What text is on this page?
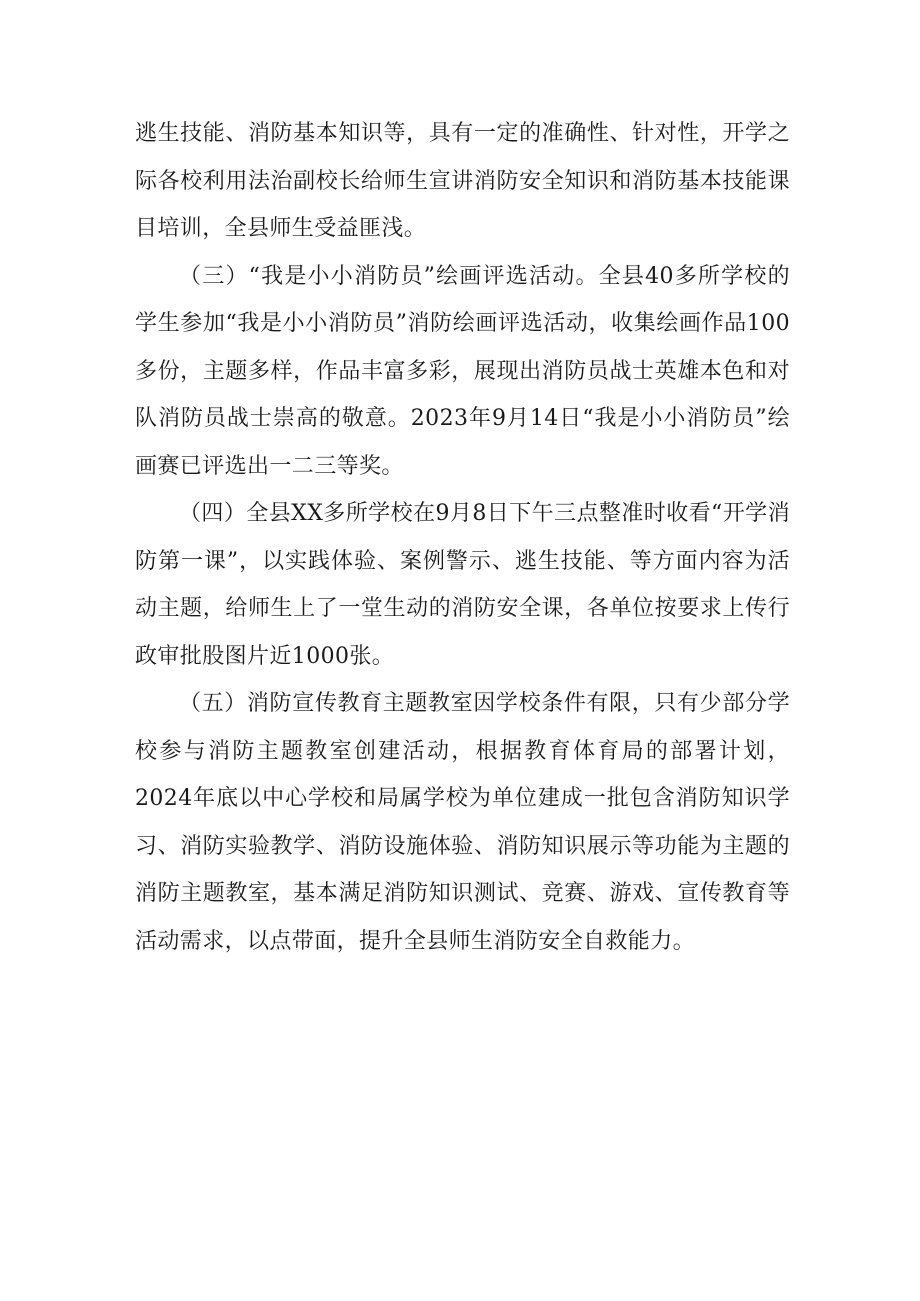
逃生技能、消防基本知识等，具有一定的准确性、针对性，开学之际各校利用法治副校长给师生宣讲消防安全知识和消防基本技能课目培训，全县师生受益匪浅。

（三）“我是小小消防员”绘画评选活动。全县40多所学校的学生参加“我是小小消防员”消防绘画评选活动，收集绘画作品100多份，主题多样，作品丰富多彩，展现出消防员战士英雄本色和对队消防员战士崇高的敬意。2023年9月14日“我是小小消防员”绘画赛已评选出一二三等奖。

（四）全县XX多所学校在9月8日下午三点整准时收看“开学消防第一课”，以实践体验、案例警示、逃生技能、等方面内容为活动主题，给师生上了一堂生动的消防安全课，各单位按要求上传行政审批股图片近1000张。

（五）消防宣传教育主题教室因学校条件有限，只有少部分学校参与消防主题教室创建活动，根据教育体育局的部署计划，2024年底以中心学校和局属学校为单位建成一批包含消防知识学习、消防实验教学、消防设施体验、消防知识展示等功能为主题的消防主题教室，基本满足消防知识测试、竞赛、游戏、宣传教育等活动需求，以点带面，提升全县师生消防安全自救能力。
